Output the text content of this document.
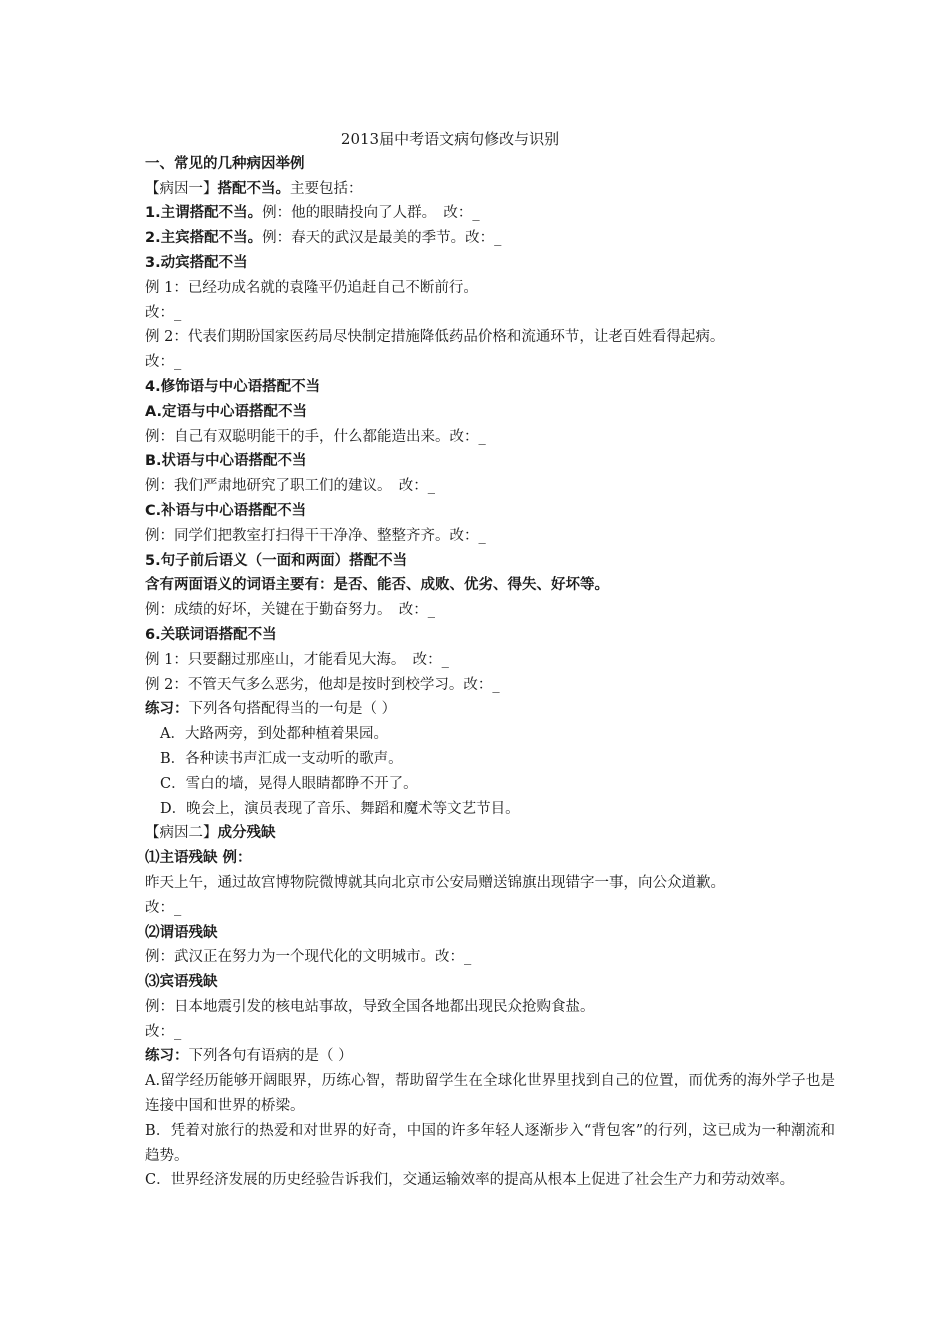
2013届中考语文病句修改与识别
一、常见的几种病因举例
【病因一】搭配不当。主要包括：
1.主谓搭配不当。例：他的眼睛投向了人群。　改：_
2.主宾搭配不当。例：春天的武汉是最美的季节。改：_
3.动宾搭配不当
例 1：已经功成名就的袁隆平仍追赶自己不断前行。
改：_
例 2：代表们期盼国家医药局尽快制定措施降低药品价格和流通环节，让老百姓看得起病。
改：_
4.修饰语与中心语搭配不当
A.定语与中心语搭配不当
例：自己有双聪明能干的手，什么都能造出来。改：_
B.状语与中心语搭配不当
例：我们严肃地研究了职工们的建议。　改：_
C.补语与中心语搭配不当
例：同学们把教室打扫得干干净净、整整齐齐。改：_
5.句子前后语义（一面和两面）搭配不当
含有两面语义的词语主要有：是否、能否、成败、优劣、得失、好坏等。
例：成绩的好坏，关键在于勤奋努力。　改：_
6.关联词语搭配不当
例 1：只要翻过那座山，才能看见大海。　改：_
例 2：不管天气多么恶劣，他却是按时到校学习。改：_
练习：下列各句搭配得当的一句是（ ）
A．大路两旁，到处都种植着果园。
B．各种读书声汇成一支动听的歌声。
C．雪白的墙，晃得人眼睛都睁不开了。
D．晚会上，演员表现了音乐、舞蹈和魔术等文艺节目。
【病因二】成分残缺
⑴主语残缺 例：
昨天上午，通过故宫博物院微博就其向北京市公安局赠送锦旗出现错字一事，向公众道歉。
改：_
⑵谓语残缺
例：武汉正在努力为一个现代化的文明城市。改：_
⑶宾语残缺
例：日本地震引发的核电站事故，导致全国各地都出现民众抢购食盐。
改：_
练习：下列各句有语病的是（ ）
A.留学经历能够开阔眼界，历练心智，帮助留学生在全球化世界里找到自己的位置，而优秀的海外学子也是连接中国和世界的桥梁。
B．凭着对旅行的热爱和对世界的好奇，中国的许多年轻人逐渐步入“背包客”的行列，这已成为一种潮流和趋势。
C．世界经济发展的历史经验告诉我们，交通运输效率的提高从根本上促进了社会生产力和劳动效率。
